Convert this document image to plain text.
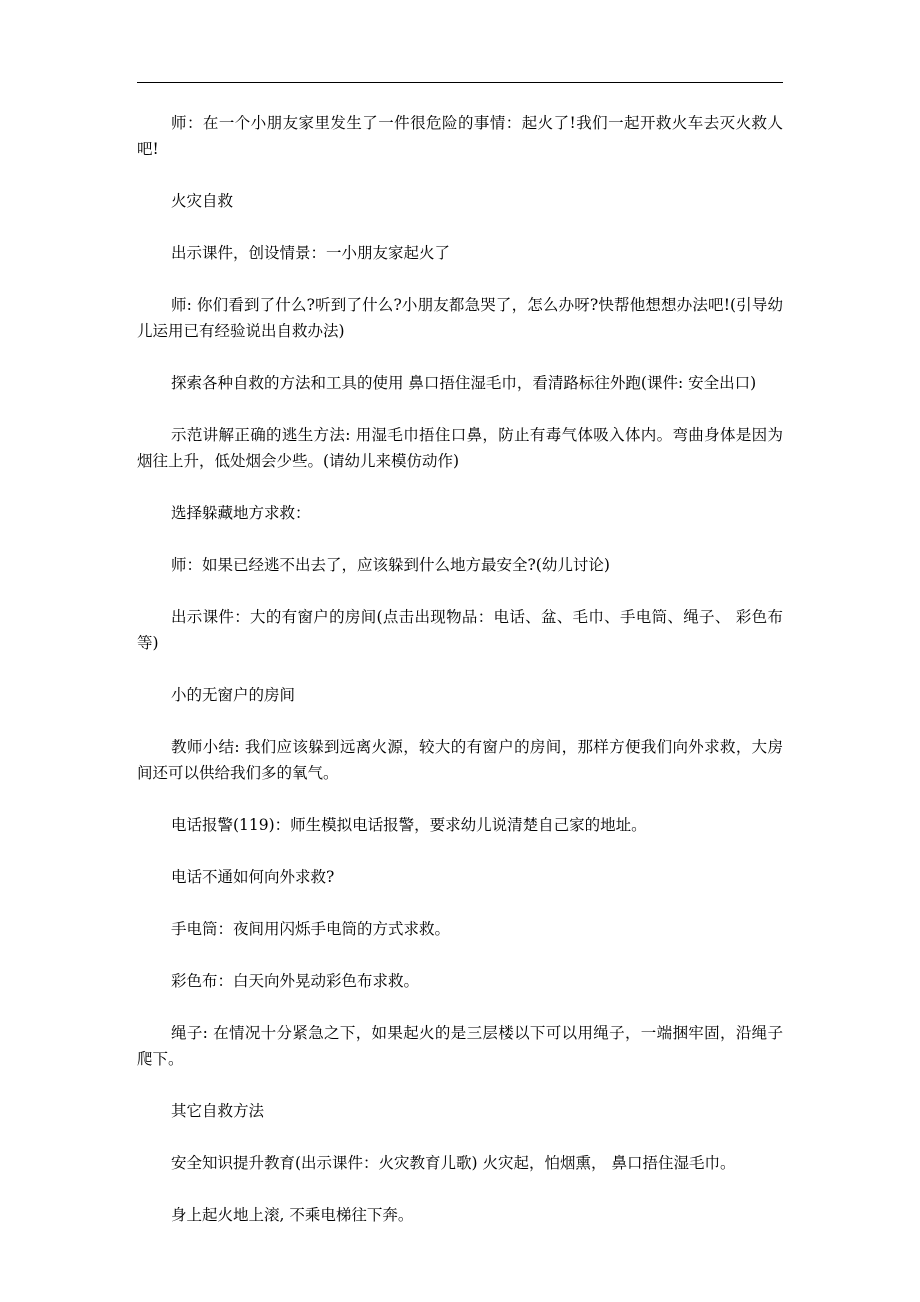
师：在一个小朋友家里发生了一件很危险的事情：起火了!我们一起开救火车去灭火救人吧!

火灾自救

出示课件，创设情景：一小朋友家起火了

师: 你们看到了什么?听到了什么?小朋友都急哭了，怎么办呀?快帮他想想办法吧!(引导幼儿运用已有经验说出自救办法)

探索各种自救的方法和工具的使用 鼻口捂住湿毛巾，看清路标往外跑(课件: 安全出口)

示范讲解正确的逃生方法: 用湿毛巾捂住口鼻，防止有毒气体吸入体内。弯曲身体是因为烟往上升，低处烟会少些。(请幼儿来模仿动作)

选择躲藏地方求救：

师：如果已经逃不出去了，应该躲到什么地方最安全?(幼儿讨论)

出示课件：大的有窗户的房间(点击出现物品：电话、盆、毛巾、手电筒、绳子、 彩色布等)

小的无窗户的房间

教师小结: 我们应该躲到远离火源，较大的有窗户的房间，那样方便我们向外求救，大房间还可以供给我们多的氧气。

电话报警(119)：师生模拟电话报警，要求幼儿说清楚自己家的地址。

电话不通如何向外求救?

手电筒：夜间用闪烁手电筒的方式求救。

彩色布：白天向外晃动彩色布求救。

绳子: 在情况十分紧急之下，如果起火的是三层楼以下可以用绳子，一端捆牢固，沿绳子爬下。

其它自救方法

安全知识提升教育(出示课件：火灾教育儿歌) 火灾起，怕烟熏， 鼻口捂住湿毛巾。

身上起火地上滚, 不乘电梯往下奔。
